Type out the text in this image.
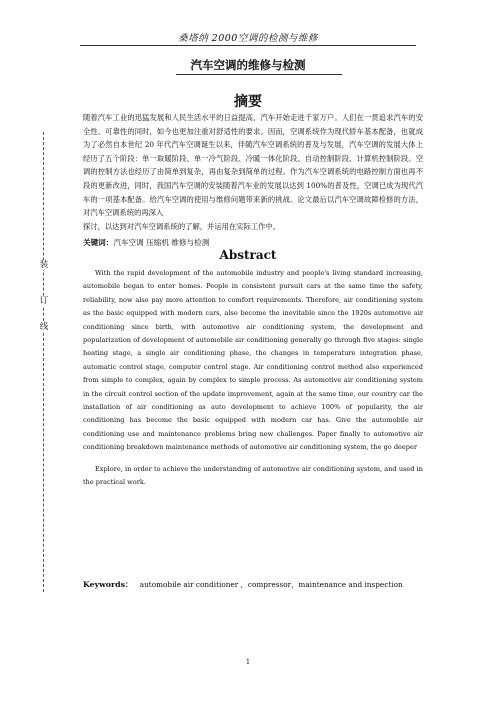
桑塔纳 2000空调的检测与维修
装
订
线
汽车空调的维修与检测
摘要

随着汽车工业的迅猛发展和人民生活水平的日益提高，汽车开始走进千家万户。人们在一贯追求汽车的安全性、可靠性的同时，如今也更加注重对舒适性的要求。因而，空调系统作为现代轿车基本配备，也就成为了必然自本世纪 20 年代汽车空调诞生以来，伴随汽车空调系统的普及与发展，汽车空调的发展大体上经历了五个阶段：单一取暖阶段、单一冷气阶段、冷暖一体化阶段、自动控制阶段、计算机控制阶段。空调的控制方法也经历了由简单到复杂，再由复杂到简单的过程。作为汽车空调系统的电路控制方面也再不段的更新改进，同时，我国汽车空调的安装随着汽车业的发展以达到 100%的普及性，空调已成为现代汽车的一项基本配备。给汽车空调的使用与维修问题带来新的挑战。论文最后以汽车空调故障检修的方法，对汽车空调系统的再深入

探讨，以达到对汽车空调系统的了解，并运用在实际工作中。

关键词：汽车空调 压缩机 维修与检测
Abstract

With the rapid development of the automobile industry and people's living standard increasing, automobile began to enter homes. People in consistent pursuit cars at the same time the safety, reliability, now also pay more attention to comfort requirements. Therefore, air conditioning system as the basic equipped with modern cars, also become the inevitable since the 1920s automotive air conditioning since birth, with automotive air conditioning system, the development and popularization of development of automobile air conditioning generally go through five stages: single heating stage, a single air conditioning phase, the changes in temperature integration phase, automatic control stage, computer control stage. Air conditioning control method also experienced from simple to complex, again by complex to simple process. As automotive air conditioning system in the circuit control section of the update improvement, again at the same time, our country car the installation of air conditioning as auto development to achieve 100% of popularity, the air conditioning has become the basic equipped with modern car has. Give the automobile air conditioning use and maintenance problems bring new challenges. Paper finally to automotive air conditioning breakdown maintenance methods of automotive air conditioning system, the go deeper

Explore, in order to achieve the understanding of automotive air conditioning system, and used in the practical work.

Keywords： automobile air conditioner ，compressor，maintenance and inspection
1
